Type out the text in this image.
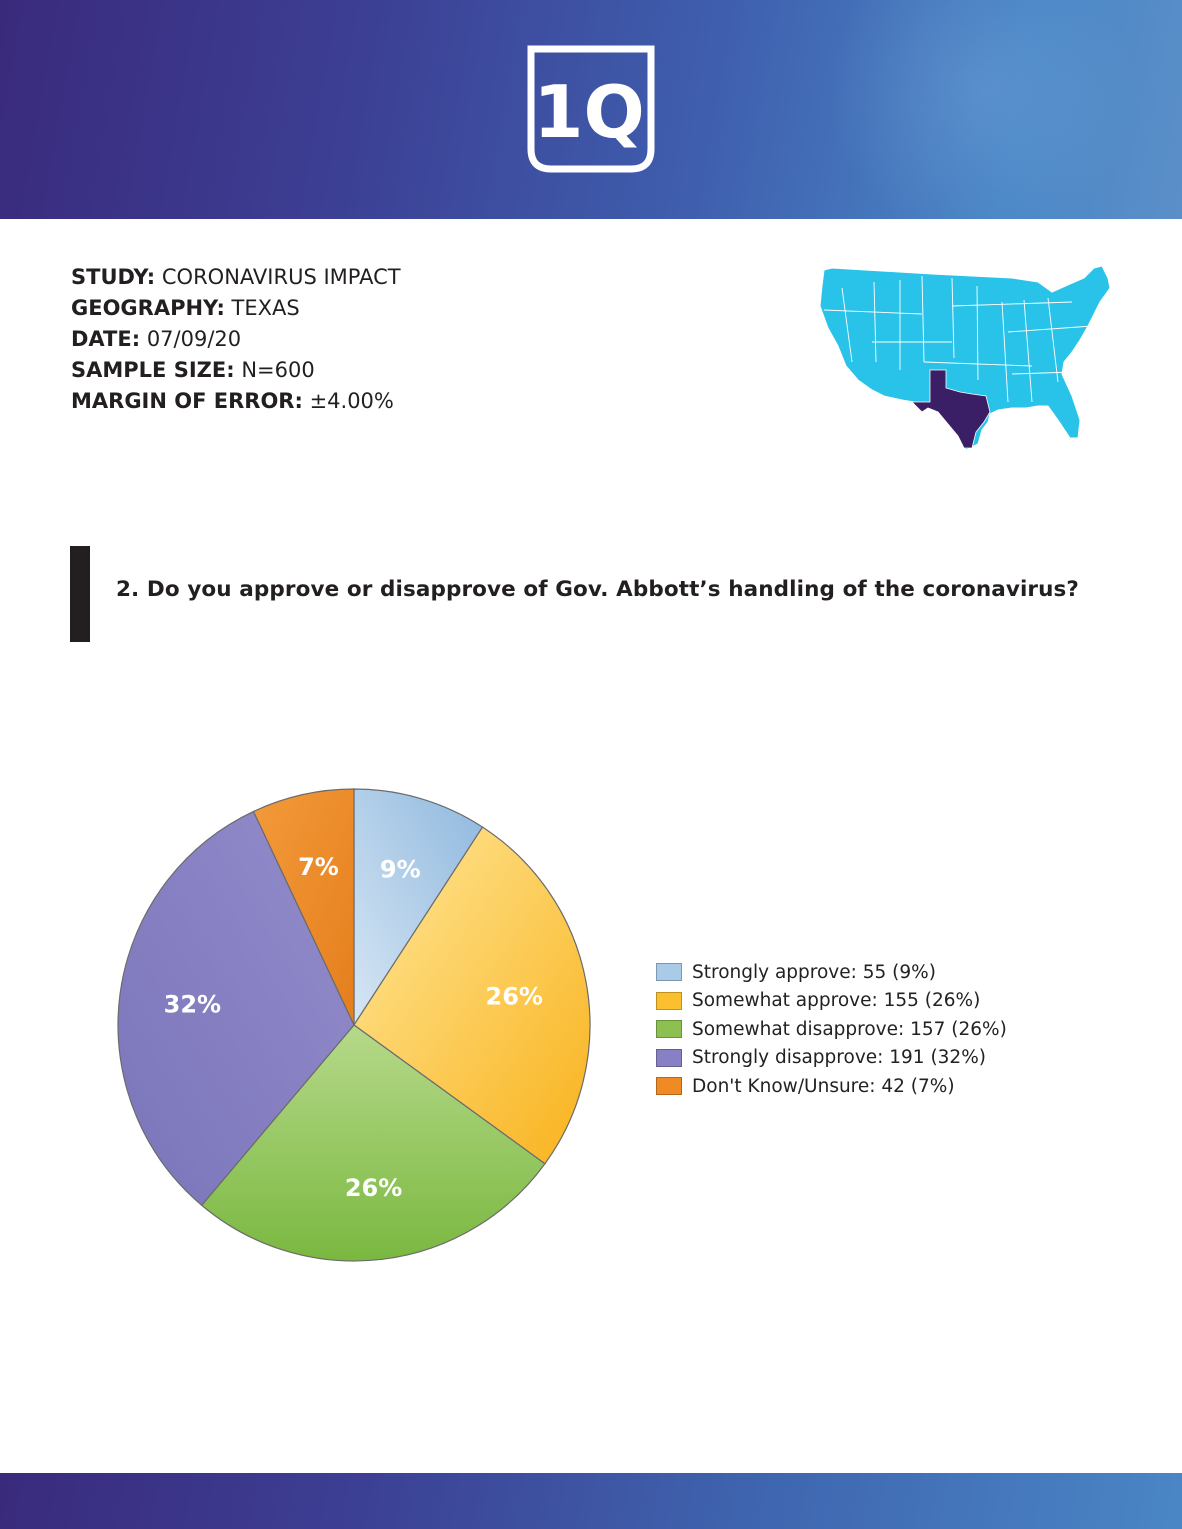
1Q
STUDY: CORONAVIRUS IMPACT
GEOGRAPHY: TEXAS
DATE: 07/09/20
SAMPLE SIZE: N=600
MARGIN OF ERROR: ±4.00%
2. Do you approve or disapprove of Gov. Abbott’s handling of the coronavirus?
9%
26%
26%
32%
7%
Strongly approve: 55 (9%)
Somewhat approve: 155 (26%)
Somewhat disapprove: 157 (26%)
Strongly disapprove: 191 (32%)
Don't Know/Unsure: 42 (7%)
